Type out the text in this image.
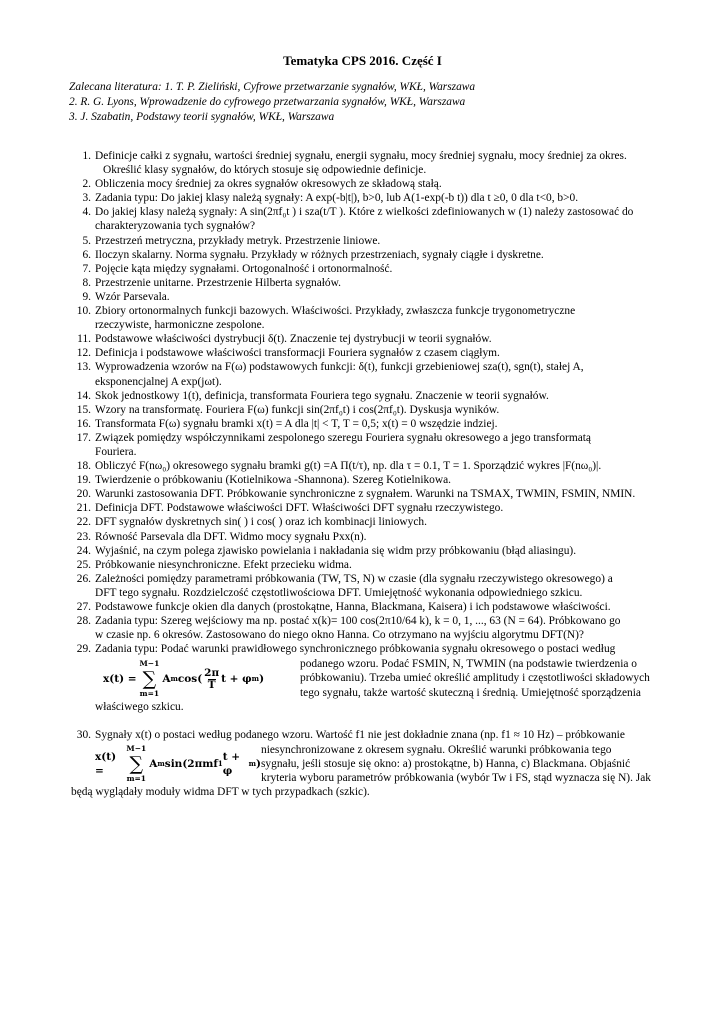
Tematyka CPS 2016. Część I
Zalecana literatura: 1. T. P. Zieliński, Cyfrowe przetwarzanie sygnałów, WKŁ, Warszawa
2. R. G. Lyons, Wprowadzenie do cyfrowego przetwarzania sygnałów, WKŁ, Warszawa
3. J. Szabatin, Podstawy teorii sygnałów, WKŁ, Warszawa
1. Definicje całki z sygnału, wartości średniej sygnału, energii sygnału, mocy średniej sygnału, mocy średniej za okres.
Określić klasy sygnałów, do których stosuje się odpowiednie definicje.
2. Obliczenia mocy średniej za okres sygnałów okresowych ze składową stałą.
3. Zadania typu: Do jakiej klasy należą sygnały: A exp(-b|t|), b>0, lub A(1-exp(-b t)) dla t ≥0, 0 dla t<0, b>0.
4. Do jakiej klasy należą sygnały: A sin(2πf₀t ) i sza(t/T ). Które z wielkości zdefiniowanych w (1) należy zastosować do
charakteryzowania tych sygnałów?
5. Przestrzeń metryczna, przykłady metryk. Przestrzenie liniowe.
6. Iloczyn skalarny. Norma sygnału. Przykłady w różnych przestrzeniach, sygnały ciągłe i dyskretne.
7. Pojęcie kąta między sygnałami. Ortogonalność i ortonormalność.
8. Przestrzenie unitarne. Przestrzenie Hilberta sygnałów.
9. Wzór Parsevala.
10. Zbiory ortonormalnych funkcji bazowych. Właściwości. Przykłady, zwłaszcza funkcje trygonometryczne
rzeczywiste, harmoniczne zespolone.
11. Podstawowe właściwości dystrybucji δ(t). Znaczenie tej dystrybucji w teorii sygnałów.
12. Definicja i podstawowe właściwości transformacji Fouriera sygnałów z czasem ciągłym.
13. Wyprowadzenia wzorów na F(ω) podstawowych funkcji: δ(t), funkcji grzebieniowej sza(t), sgn(t), stałej A,
eksponencjalnej A exp(jωt).
14. Skok jednostkowy 1(t), definicja, transformata Fouriera tego sygnału. Znaczenie w teorii sygnałów.
15. Wzory na transformatę. Fouriera F(ω) funkcji sin(2πf₀t) i cos(2πf₀t). Dyskusja wyników.
16. Transformata F(ω) sygnału bramki x(t) = A dla |t| < T, T = 0,5; x(t) = 0 wszędzie indziej.
17. Związek pomiędzy współczynnikami zespolonego szeregu Fouriera sygnału okresowego a jego transformatą
Fouriera.
18. Obliczyć F(nω₀) okresowego sygnału bramki g(t) =A Π(t/τ), np. dla τ = 0.1, T = 1. Sporządzić wykres |F(nω₀)|.
19. Twierdzenie o próbkowaniu (Kotielnikowa -Shannona). Szereg Kotielnikowa.
20. Warunki zastosowania DFT. Próbkowanie synchroniczne z sygnałem. Warunki na TSMAX, TWMIN, FSMIN, NMIN.
21. Definicja DFT. Podstawowe właściwości DFT. Właściwości DFT sygnału rzeczywistego.
22. DFT sygnałów dyskretnych sin( ) i cos( ) oraz ich kombinacji liniowych.
23. Równość Parsevala dla DFT. Widmo mocy sygnału Pxx(n).
24. Wyjaśnić, na czym polega zjawisko powielania i nakładania się widm przy próbkowaniu (błąd aliasingu).
25. Próbkowanie niesynchroniczne. Efekt przecieku widma.
26. Zależności pomiędzy parametrami próbkowania (TW, TS, N) w czasie (dla sygnału rzeczywistego okresowego) a
DFT tego sygnału. Rozdzielczość częstotliwościowa DFT. Umiejętność wykonania odpowiedniego szkicu.
27. Podstawowe funkcje okien dla danych (prostokątne, Hanna, Blackmana, Kaisera) i ich podstawowe właściwości.
28. Zadania typu: Szereg wejściowy ma np. postać x(k)= 100 cos(2π10/64 k), k = 0, 1, ..., 63 (N = 64). Próbkowano go
w czasie np. 6 okresów. Zastosowano do niego okno Hanna. Co otrzymano na wyjściu algorytmu DFT(N)?
29. Zadania typu: Podać warunki prawidłowego synchronicznego próbkowania sygnału okresowego o postaci według
x(t) =
M−1
∑
m=1
A m $\cos( \frac{2\pi}{T}$ t + φ m )
podanego wzoru. Podać FSMIN, N, TWMIN (na podstawie twierdzenia o
próbkowaniu). Trzeba umieć określić amplitudy i częstotliwości składowych
tego sygnału, także wartość skuteczną i średnią. Umiejętność sporządzenia
właściwego szkicu.
30. Sygnały x(t) o postaci według podanego wzoru. Wartość f1 nie jest dokładnie znana (np. f1 ≈ 10 Hz) – próbkowanie
x(t) =
M−1
∑
m=1
A m sin(2πmf 1
t + φ
m )
niesynchronizowane z okresem sygnału. Określić warunki próbkowania tego
sygnału, jeśli stosuje się okno: a) prostokątne, b) Hanna, c) Blackmana. Objaśnić
kryteria wyboru parametrów próbkowania (wybór Tw i FS, stąd wyznacza się N). Jak
będą wyglądały moduły widma DFT w tych przypadkach (szkic).
